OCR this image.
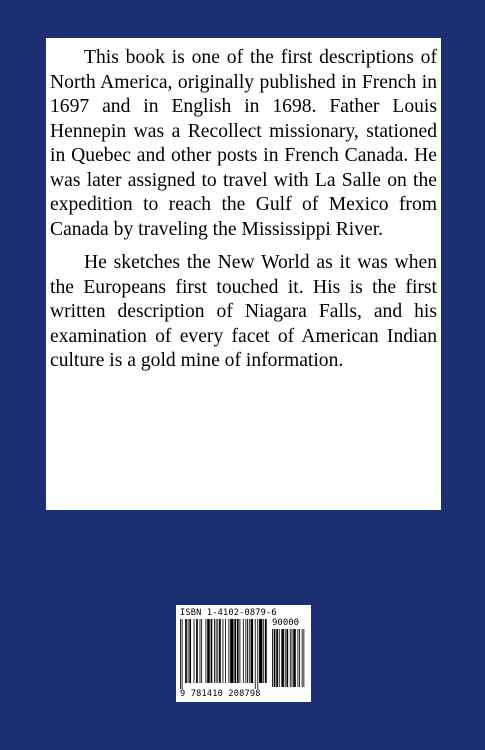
This book is one of the first descriptions of North America, originally published in French in 1697 and in English in 1698. Father Louis Hennepin was a Recollect missionary, stationed in Quebec and other posts in French Canada. He was later assigned to travel with La Salle on the expedition to reach the Gulf of Mexico from Canada by traveling the Mississippi River.

He sketches the New World as it was when the Europeans first touched it. His is the first written description of Niagara Falls, and his examination of every facet of American Indian culture is a gold mine of information.

ISBN 1-4102-0879-6
90000
9 781410 208798
